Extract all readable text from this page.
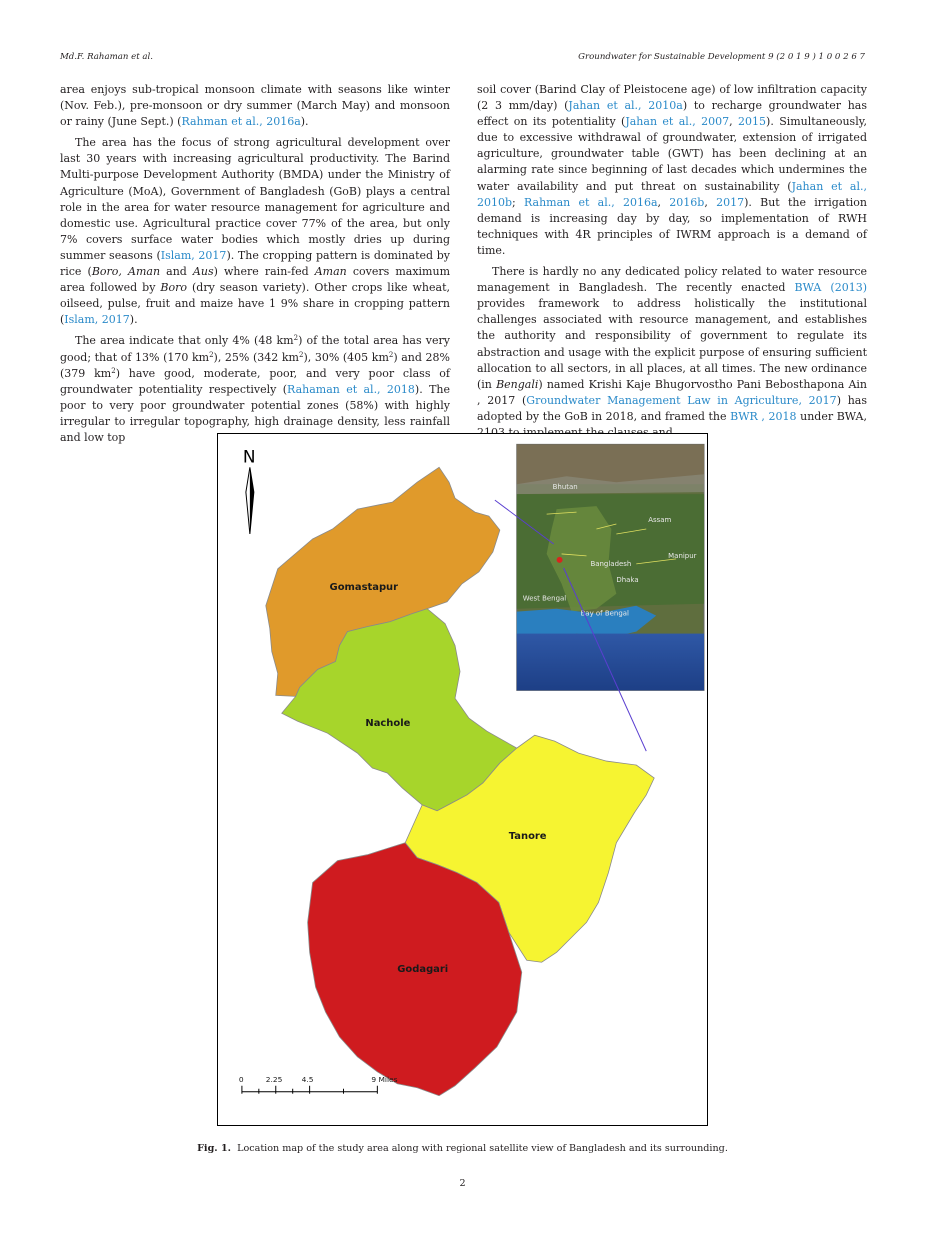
Md.F. Rahaman et al.	Groundwater for Sustainable Development 9 (2 0 1 9 ) 1 0 0 2 6 7

area enjoys sub-tropical monsoon climate with seasons like winter (Nov. Feb.), pre-monsoon or dry summer (March May) and monsoon or rainy (June Sept.) (Rahman et al., 2016a).

The area has the focus of strong agricultural development over last 30 years with increasing agricultural productivity. The Barind Multi-purpose Development Authority (BMDA) under the Ministry of Agriculture (MoA), Government of Bangladesh (GoB) plays a central role in the area for water resource management for agriculture and domestic use. Agricultural practice cover 77% of the area, but only 7% covers surface water bodies which mostly dries up during summer seasons (Islam, 2017). The cropping pattern is dominated by rice (Boro, Aman and Aus) where rain-fed Aman covers maximum area followed by Boro (dry season variety). Other crops like wheat, oilseed, pulse, fruit and maize have 1 9% share in cropping pattern (Islam, 2017).

The area indicate that only 4% (48 $km^2$) of the total area has very good; that of 13% (170 $km^2$), 25% (342 $km^2$), 30% (405 $km^2$) and 28% (379 $km^2$) have good, moderate, poor, and very poor class of groundwater potentiality respectively (Rahaman et al., 2018). The poor to very poor groundwater potential zones (58%) with highly irregular to irregular topography, high drainage density, less rainfall and low top

soil cover (Barind Clay of Pleistocene age) of low infiltration capacity (2 3 mm/day) (Jahan et al., 2010a) to recharge groundwater has effect on its potentiality (Jahan et al., 2007, 2015). Simultaneously, due to excessive withdrawal of groundwater, extension of irrigated agriculture, groundwater table (GWT) has been declining at an alarming rate since beginning of last decades which undermines the water availability and put threat on sustainability (Jahan et al., 2010b; Rahman et al., 2016a, 2016b, 2017). But the irrigation demand is increasing day by day, so implementation of RWH techniques with 4R principles of IWRM approach is a demand of time.

There is hardly no any dedicated policy related to water resource management in Bangladesh. The recently enacted BWA (2013) provides framework to address holistically the institutional challenges associated with resource management, and establishes the authority and responsibility of government to regulate its abstraction and usage with the explicit purpose of ensuring sufficient allocation to all sectors, in all places, at all times. The new ordinance (in Bengali) named Krishi Kaje Bhugorvostho Pani Bebosthapona Ain , 2017 (Groundwater Management Law in Agriculture, 2017) has adopted by the GoB in 2018, and framed the BWR , 2018 under BWA,

N
Gomastapur
Nachole
Tanore
Godagari
Bhutan
Assam
Manipur
Bangladesh
Dhaka
West Bengal
Bay of Bengal
0	2.25	4.5	9 Miles
Fig. 1. Location map of the study area along with regional satellite view of Bangladesh and its surrounding.
2
